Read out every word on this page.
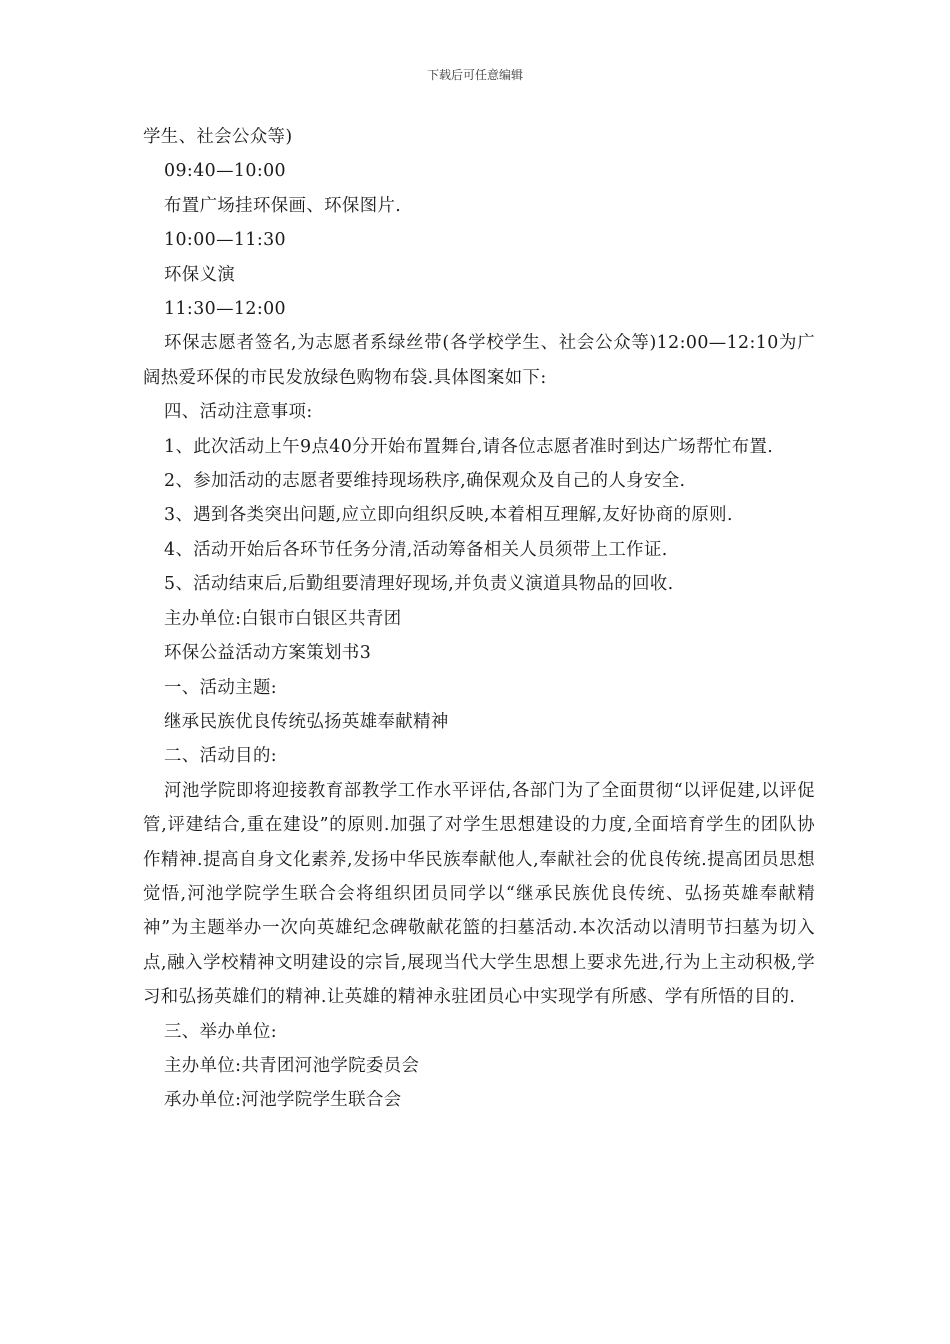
下载后可任意编辑

学生、社会公众等)

09:40—10:00

布置广场挂环保画、环保图片.

10:00—11:30

环保义演

11:30—12:00

环保志愿者签名,为志愿者系绿丝带(各学校学生、社会公众等)12:00—12:10为广阔热爱环保的市民发放绿色购物布袋.具体图案如下:

四、活动注意事项:

1、此次活动上午9点40分开始布置舞台,请各位志愿者准时到达广场帮忙布置.

2、参加活动的志愿者要维持现场秩序,确保观众及自己的人身安全.

3、遇到各类突出问题,应立即向组织反映,本着相互理解,友好协商的原则.

4、活动开始后各环节任务分清,活动筹备相关人员须带上工作证.

5、活动结束后,后勤组要清理好现场,并负责义演道具物品的回收.

主办单位:白银市白银区共青团

环保公益活动方案策划书3

一、活动主题:

继承民族优良传统弘扬英雄奉献精神

二、活动目的:

河池学院即将迎接教育部教学工作水平评估,各部门为了全面贯彻“以评促建,以评促管,评建结合,重在建设”的原则.加强了对学生思想建设的力度,全面培育学生的团队协作精神.提高自身文化素养,发扬中华民族奉献他人,奉献社会的优良传统.提高团员思想觉悟,河池学院学生联合会将组织团员同学以“继承民族优良传统、弘扬英雄奉献精神”为主题举办一次向英雄纪念碑敬献花篮的扫墓活动.本次活动以清明节扫墓为切入点,融入学校精神文明建设的宗旨,展现当代大学生思想上要求先进,行为上主动积极,学习和弘扬英雄们的精神.让英雄的精神永驻团员心中实现学有所感、学有所悟的目的.

三、举办单位:

主办单位:共青团河池学院委员会

承办单位:河池学院学生联合会
